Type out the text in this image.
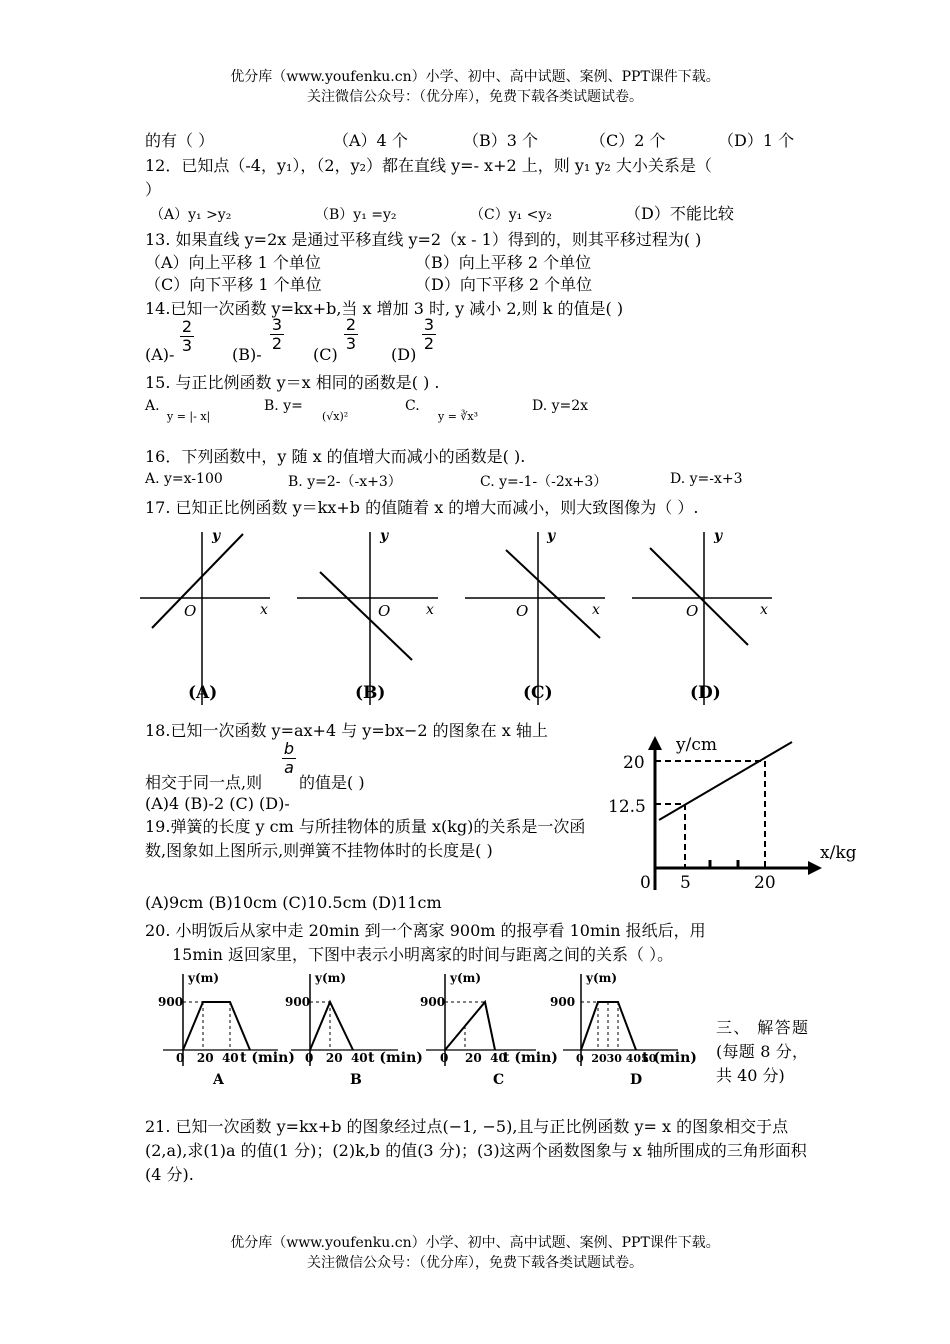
优分库（www.youfenku.cn）小学、初中、高中试题、案例、PPT课件下载。
关注微信公众号：（优分库），免费下载各类试题试卷。
的有（ ）	（A）4 个	（B）3 个	（C）2 个	（D）1 个
12．已知点（-4，y₁），（2，y₂）都在直线 y=- x+2 上，则 y₁ y₂ 大小关系是（
）
（A）y₁ >y₂	（B）y₁ =y₂	（C）y₁ <y₂	（D）不能比较
13. 如果直线 y=2x 是通过平移直线 y=2（x - 1）得到的，则其平移过程为( )
（A）向上平移 1 个单位	（B）向上平移 2 个单位
（C）向下平移 1 个单位	（D）向下平移 2 个单位
14.已知一次函数 y=kx+b,当 x 增加 3 时, y 减小 2,则 k 的值是( )
$(A)- \frac{2}{3} (B)-$
$\frac{3}{2}$
(C)
$\frac{2}{3}$
(D)
$\frac{3}{2}$
15. 与正比例函数 y＝x 相同的函数是( ) .
A.
y = |- x|
B. y=
(√x)²
C.
y = ∛x³
D. y=2x
16．下列函数中，y 随 x 的值增大而减小的函数是( ).
A. y=x-100	B. y=2-（-x+3）	C. y=-1-（-2x+3）	D. y=-x+3
17. 已知正比例函数 y＝kx+b 的值随着 x 的增大而减小，则大致图像为（ ）.
y
x
O
(A)
y
x
O
(B)
y
x
O
(C)
y
x
O
(D)
18.已知一次函数 y=ax+4 与 y=bx−2 的图象在 x 轴上
相交于同一点,则
$\frac{b}{a}$
的值是( )
(A)4 (B)-2 (C) (D)-
y/cm
x/kg
20
12.5
0 5	20
19.弹簧的长度 y cm 与所挂物体的质量 x(kg)的关系是一次函数,图象如上图所示,则弹簧不挂物体时的长度是( )
(A)9cm (B)10cm (C)10.5cm (D)11cm
20. 小明饭后从家中走 20min 到一个离家 900m 的报亭看 10min 报纸后，用
15min 返回家里，下图中表示小明离家的时间与距离之间的关系（ ）。
y(m)
900
0   20  40 t (min)
A
y(m)
900
0   20  40 t (min)
B
y(m)
900
0    20  40
t (min)
C
y(m)
900
0  2030 4050
t (min)
D
三、 解答题(每题 8 分，共 40 分)
21. 已知一次函数 y=kx+b 的图象经过点(−1, −5),且与正比例函数 y= x 的图象相交于点(2,a),求(1)a 的值(1 分)；(2)k,b 的值(3 分)；(3)这两个函数图象与 x 轴所围成的三角形面积(4 分).
优分库（www.youfenku.cn）小学、初中、高中试题、案例、PPT课件下载。
关注微信公众号：（优分库），免费下载各类试题试卷。
